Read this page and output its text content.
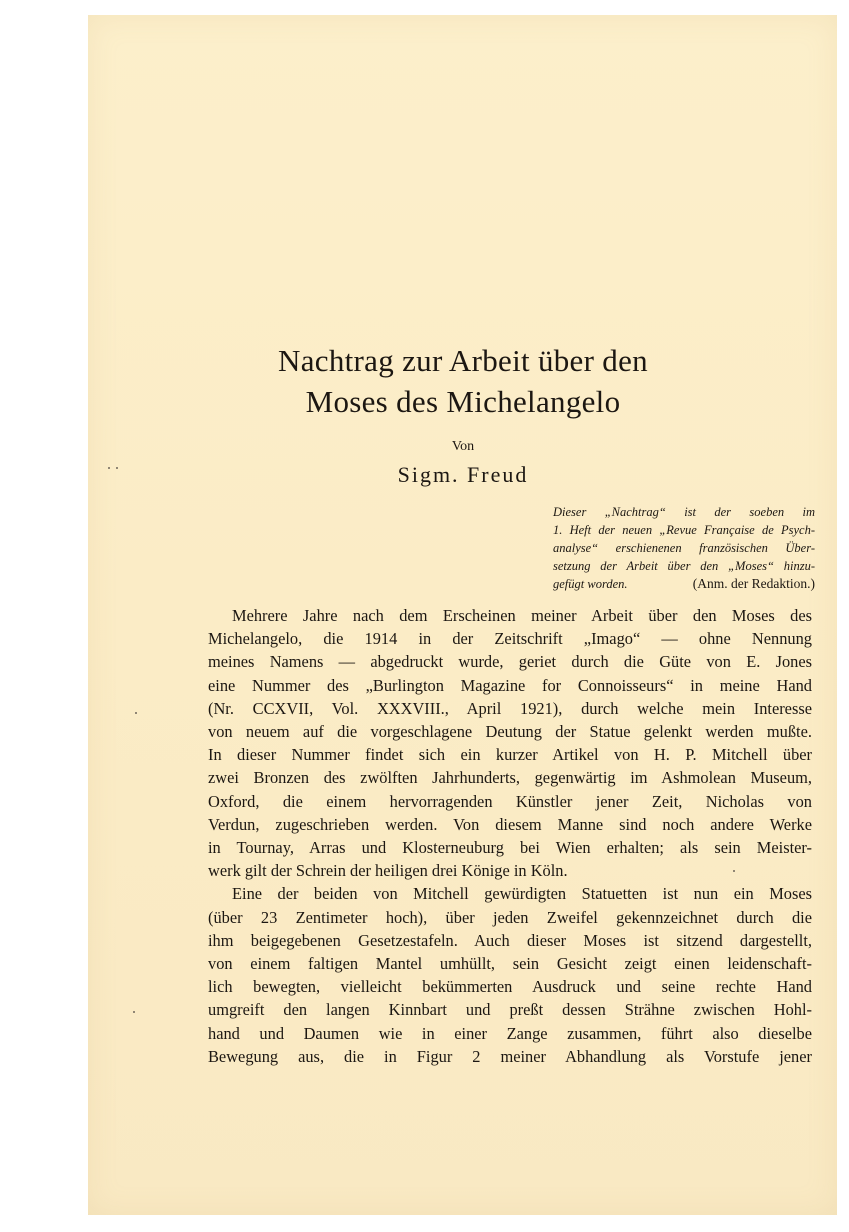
Nachtrag zur Arbeit über den
Moses des Michelangelo
Von
Sigm. Freud
Dieser „Nachtrag“ ist der soeben im
1. Heft der neuen „Revue Française de Psych-
analyse“ erschienenen französischen Über-
setzung der Arbeit über den „Moses“ hinzu-
gefügt worden.	(Anm. der Redaktion.)
Mehrere Jahre nach dem Erscheinen meiner Arbeit über den Moses des
Michelangelo, die 1914 in der Zeitschrift „Imago“ — ohne Nennung
meines Namens — abgedruckt wurde, geriet durch die Güte von E. Jones
eine Nummer des „Burlington Magazine for Connoisseurs“ in meine Hand
(Nr. CCXVII, Vol. XXXVIII., April 1921), durch welche mein Interesse
von neuem auf die vorgeschlagene Deutung der Statue gelenkt werden mußte.
In dieser Nummer findet sich ein kurzer Artikel von H. P. Mitchell über
zwei Bronzen des zwölften Jahrhunderts, gegenwärtig im Ashmolean Museum,
Oxford, die einem hervorragenden Künstler jener Zeit, Nicholas von
Verdun, zugeschrieben werden. Von diesem Manne sind noch andere Werke
in Tournay, Arras und Klosterneuburg bei Wien erhalten; als sein Meister-
werk gilt der Schrein der heiligen drei Könige in Köln.
Eine der beiden von Mitchell gewürdigten Statuetten ist nun ein Moses
(über 23 Zentimeter hoch), über jeden Zweifel gekennzeichnet durch die
ihm beigegebenen Gesetzestafeln. Auch dieser Moses ist sitzend dargestellt,
von einem faltigen Mantel umhüllt, sein Gesicht zeigt einen leidenschaft-
lich bewegten, vielleicht bekümmerten Ausdruck und seine rechte Hand
umgreift den langen Kinnbart und preßt dessen Strähne zwischen Hohl-
hand und Daumen wie in einer Zange zusammen, führt also dieselbe
Bewegung aus, die in Figur 2 meiner Abhandlung als Vorstufe jener
